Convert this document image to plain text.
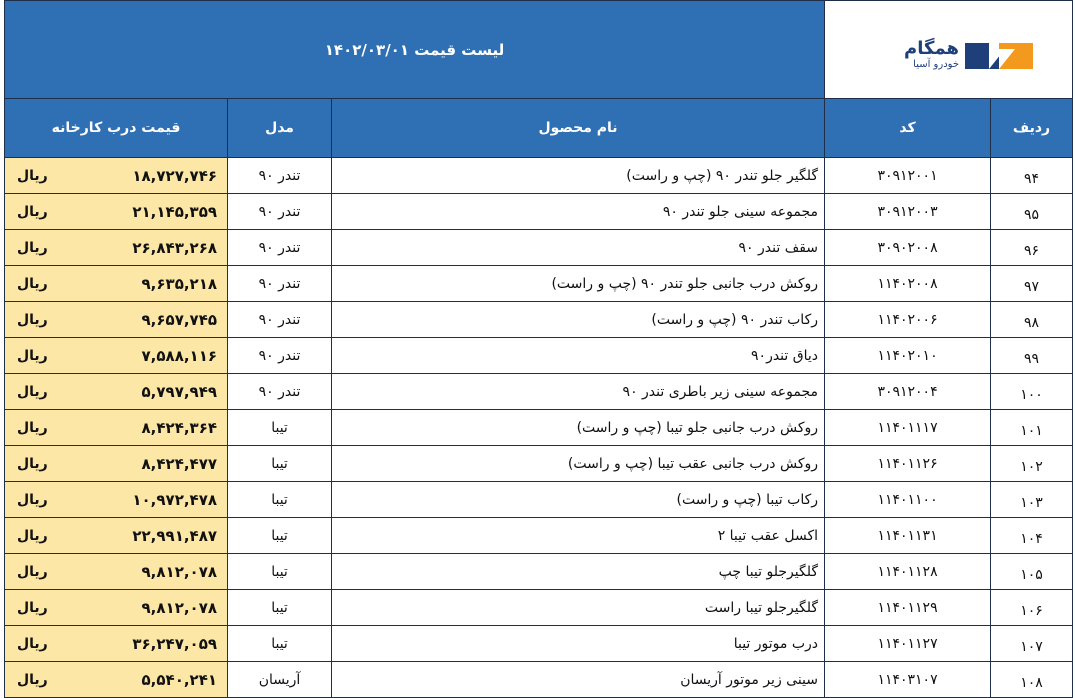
همگام
خودرو آسیا		لیست قیمت ۱۴۰۲/۰۳/۰۱		
ردیف	کد	نام محصول	مدل	قیمت درب کارخانه
۹۴	۳۰۹۱۲۰۰۱	گلگیر جلو تندر ۹۰ (چپ و راست)	تندر ۹۰	ریال ۱۸,۷۲۷,۷۴۶

۹۵	۳۰۹۱۲۰۰۳	مجموعه سینی جلو تندر ۹۰	تندر ۹۰	ریال ۲۱,۱۴۵,۳۵۹

۹۶	۳۰۹۰۲۰۰۸	سقف تندر ۹۰	تندر ۹۰	ریال ۲۶,۸۴۳,۲۶۸

۹۷	۱۱۴۰۲۰۰۸	روکش درب جانبی جلو تندر ۹۰ (چپ و راست)	تندر ۹۰	ریال ۹,۶۳۵,۲۱۸

۹۸	۱۱۴۰۲۰۰۶	رکاب تندر ۹۰ (چپ و راست)	تندر ۹۰	ریال ۹,۶۵۷,۷۴۵

۹۹	۱۱۴۰۲۰۱۰	دیاق تندر۹۰	تندر ۹۰	ریال ۷,۵۸۸,۱۱۶

۱۰۰	۳۰۹۱۲۰۰۴	مجموعه سینی زیر باطری تندر ۹۰	تندر ۹۰	ریال ۵,۷۹۷,۹۴۹

۱۰۱	۱۱۴۰۱۱۱۷	روکش درب جانبی جلو تیبا (چپ و راست)	تیبا	ریال ۸,۴۲۴,۳۶۴

۱۰۲	۱۱۴۰۱۱۲۶	روکش درب جانبی عقب تیبا (چپ و راست)	تیبا	ریال ۸,۴۲۴,۴۷۷

۱۰۳	۱۱۴۰۱۱۰۰	رکاب تیبا (چپ و راست)	تیبا	ریال ۱۰,۹۷۲,۴۷۸

۱۰۴	۱۱۴۰۱۱۳۱	اکسل عقب تیبا ۲	تیبا	ریال ۲۲,۹۹۱,۴۸۷

۱۰۵	۱۱۴۰۱۱۲۸	گلگیرجلو تیبا چپ	تیبا	ریال ۹,۸۱۲,۰۷۸

۱۰۶	۱۱۴۰۱۱۲۹	گلگیرجلو تیبا راست	تیبا	ریال ۹,۸۱۲,۰۷۸

۱۰۷	۱۱۴۰۱۱۲۷	درب موتور تیبا	تیبا	ریال ۳۶,۲۴۷,۰۵۹

۱۰۸	۱۱۴۰۳۱۰۷	سینی زیر موتور آریسان	آریسان	ریال ۵,۵۴۰,۲۴۱
